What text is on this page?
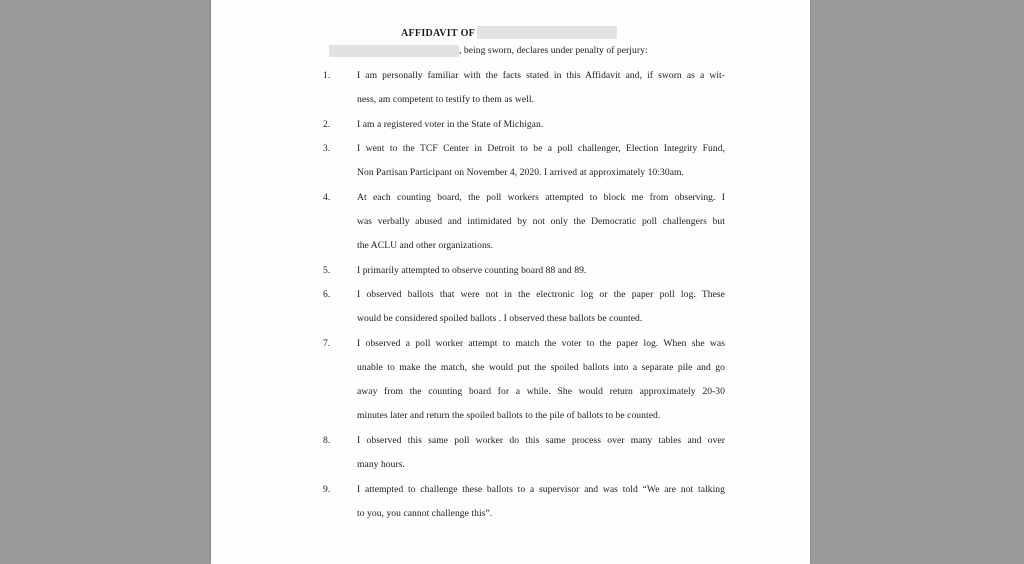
AFFIDAVIT OF
, being sworn, declares under penalty of perjury:
1.	I am personally familiar with the facts stated in this Affidavit and, if sworn as a wit-
ness, am competent to testify to them as well.
2.	I am a registered voter in the State of Michigan.
3.	I went to the TCF Center in Detroit to be a poll challenger, Election Integrity Fund,
Non Partisan Participant on November 4, 2020. I arrived at approximately 10:30am.
4.	At each counting board, the poll workers attempted to block me from observing. I
was verbally abused and intimidated by not only the Democratic poll challengers but
the ACLU and other organizations.
5.	I primarily attempted to observe counting board 88 and 89.
6.	I observed ballots that were not in the electronic log or the paper poll log. These
would be considered spoiled ballots . I observed these ballots be counted.
7.	I observed a poll worker attempt to match the voter to the paper log. When she was
unable to make the match, she would put the spoiled ballots into a separate pile and go
away from the counting board for a while. She would return approximately 20-30
minutes later and return the spoiled ballots to the pile of ballots to be counted.
8.	I observed this same poll worker do this same process over many tables and over
many hours.
9.	I attempted to challenge these ballots to a supervisor and was told “We are not talking
to you, you cannot challenge this”.
